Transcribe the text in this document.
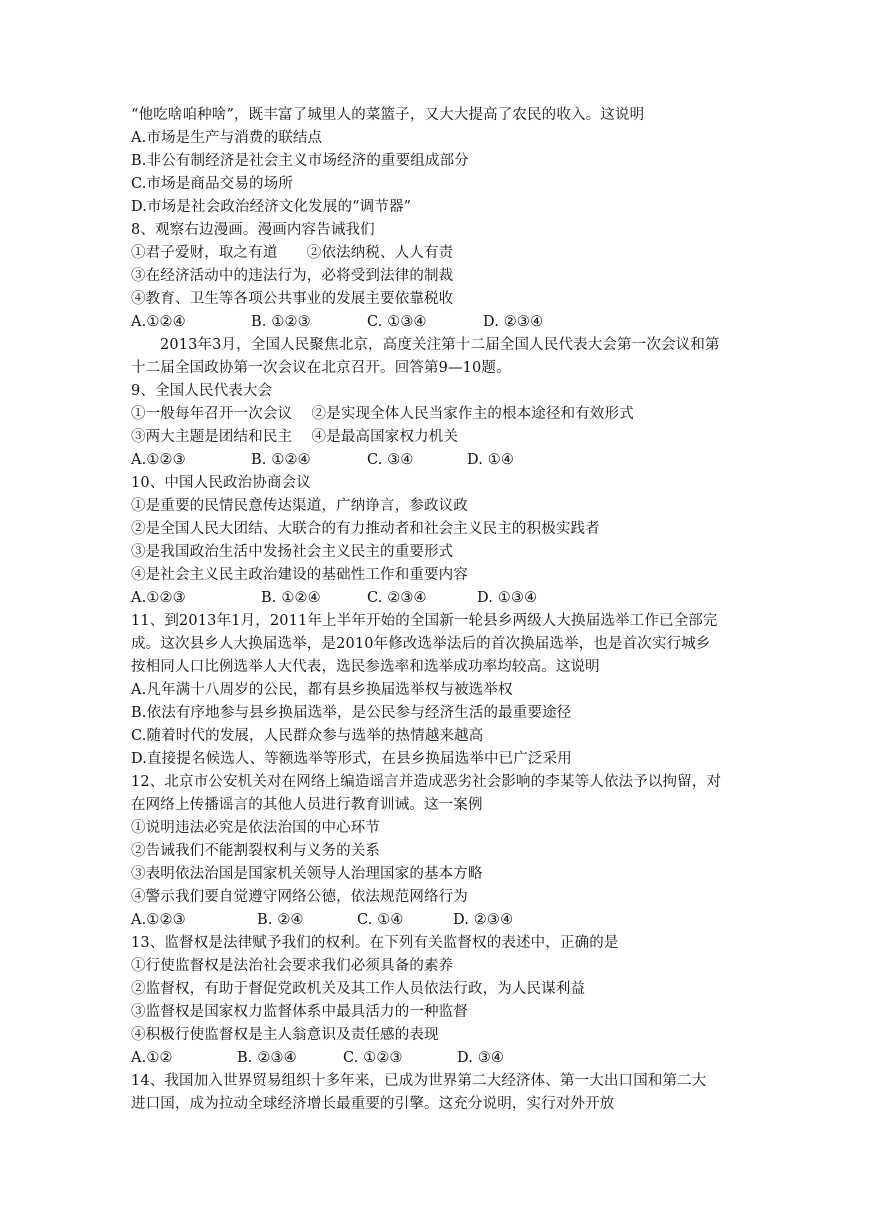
“他吃啥咱种啥”，既丰富了城里人的菜篮子，又大大提高了农民的收入。这说明
A.市场是生产与消费的联结点
B.非公有制经济是社会主义市场经济的重要组成部分
C.市场是商品交易的场所
D.市场是社会政治经济文化发展的“调节器”
8、观察右边漫画。漫画内容告诫我们
①君子爱财，取之有道　　②依法纳税、人人有责
③在经济活动中的违法行为，必将受到法律的制裁
④教育、卫生等各项公共事业的发展主要依靠税收
A.①②④	B. ①②③	C. ①③④	D. ②③④
2013年3月，全国人民聚焦北京，高度关注第十二届全国人民代表大会第一次会议和第
十二届全国政协第一次会议在北京召开。回答第9—10题。
9、全国人民代表大会
①一般每年召开一次会议　 ②是实现全体人民当家作主的根本途径和有效形式
③两大主题是团结和民主　 ④是最高国家权力机关
A.①②③	B. ①②④	C. ③④	D. ①④
10、中国人民政治协商会议
①是重要的民情民意传达渠道，广纳诤言，参政议政
②是全国人民大团结、大联合的有力推动者和社会主义民主的积极实践者
③是我国政治生活中发扬社会主义民主的重要形式
④是社会主义民主政治建设的基础性工作和重要内容
A.①②③	B. ①②④	C. ②③④	D. ①③④
11、到2013年1月，2011年上半年开始的全国新一轮县乡两级人大换届选举工作已全部完
成。这次县乡人大换届选举，是2010年修改选举法后的首次换届选举，也是首次实行城乡
按相同人口比例选举人大代表，选民参选率和选举成功率均较高。这说明
A.凡年满十八周岁的公民，都有县乡换届选举权与被选举权
B.依法有序地参与县乡换届选举，是公民参与经济生活的最重要途径
C.随着时代的发展，人民群众参与选举的热情越来越高
D.直接提名候选人、等额选举等形式，在县乡换届选举中已广泛采用
12、北京市公安机关对在网络上编造谣言并造成恶劣社会影响的李某等人依法予以拘留，对
在网络上传播谣言的其他人员进行教育训诫。这一案例
①说明违法必究是依法治国的中心环节
②告诫我们不能割裂权利与义务的关系
③表明依法治国是国家机关领导人治理国家的基本方略
④警示我们要自觉遵守网络公德，依法规范网络行为
A.①②③	B. ②④	C. ①④	D. ②③④
13、监督权是法律赋予我们的权利。在下列有关监督权的表述中，正确的是
①行使监督权是法治社会要求我们必须具备的素养
②监督权，有助于督促党政机关及其工作人员依法行政，为人民谋利益
③监督权是国家权力监督体系中最具活力的一种监督
④积极行使监督权是主人翁意识及责任感的表现
A.①②	B. ②③④	C. ①②③	D. ③④
14、我国加入世界贸易组织十多年来，已成为世界第二大经济体、第一大出口国和第二大
进口国，成为拉动全球经济增长最重要的引擎。这充分说明，实行对外开放
